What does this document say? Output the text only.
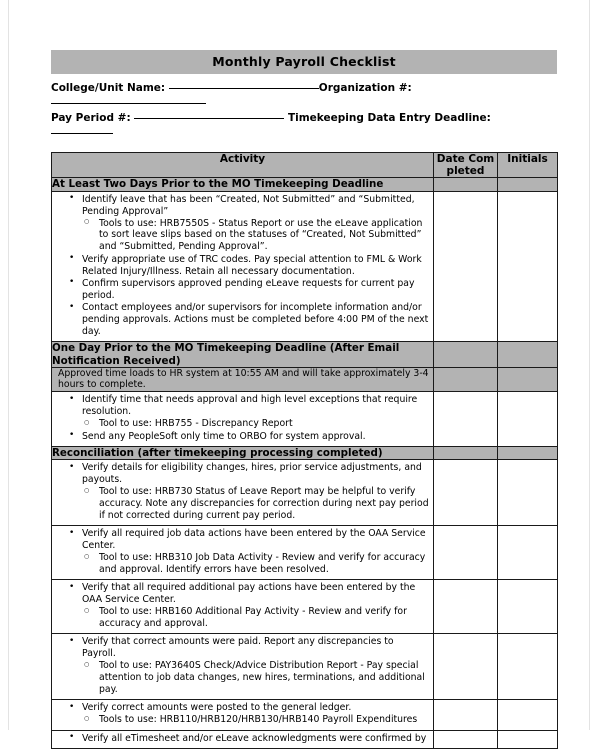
Monthly Payroll Checklist
College/Unit Name:	Organization #:
Pay Period #:	Timekeeping Data Entry Deadline:
Activity	Date Completed	Initials
At Least Two Days Prior to the MO Timekeeping Deadline		

• Identify leave that has been “Created, Not Submitted” and “Submitted, Pending Approval”
○ Tools to use: HRB7550S - Status Report or use the eLeave application to sort leave slips based on the statuses of “Created, Not Submitted” and “Submitted, Pending Approval”.
• Verify appropriate use of TRC codes. Pay special attention to FML & Work Related Injury/Illness. Retain all necessary documentation.
• Confirm supervisors approved pending eLeave requests for current pay period.
• Contact employees and/or supervisors for incomplete information and/or pending approvals. Actions must be completed before 4:00 PM of the next day.

One Day Prior to the MO Timekeeping Deadline (After Email Notification Received)		
Approved time loads to HR system at 10:55 AM and will take approximately 3-4 hours to complete.		

• Identify time that needs approval and high level exceptions that require resolution.
○ Tool to use: HRB755 - Discrepancy Report
• Send any PeopleSoft only time to ORBO for system approval.

Reconciliation (after timekeeping processing completed)		

• Verify details for eligibility changes, hires, prior service adjustments, and payouts.
○ Tool to use: HRB730 Status of Leave Report may be helpful to verify accuracy. Note any discrepancies for correction during next pay period if not corrected during current pay period.

• Verify all required job data actions have been entered by the OAA Service Center.
○ Tool to use: HRB310 Job Data Activity - Review and verify for accuracy and approval. Identify errors have been resolved.

• Verify that all required additional pay actions have been entered by the OAA Service Center.
○ Tool to use: HRB160 Additional Pay Activity - Review and verify for accuracy and approval.

• Verify that correct amounts were paid. Report any discrepancies to Payroll.
○ Tool to use: PAY3640S Check/Advice Distribution Report - Pay special attention to job data changes, new hires, terminations, and additional pay.

• Verify correct amounts were posted to the general ledger.
○ Tools to use: HRB110/HRB120/HRB130/HRB140 Payroll Expenditures

• Verify all eTimesheet and/or eLeave acknowledgments were confirmed by
